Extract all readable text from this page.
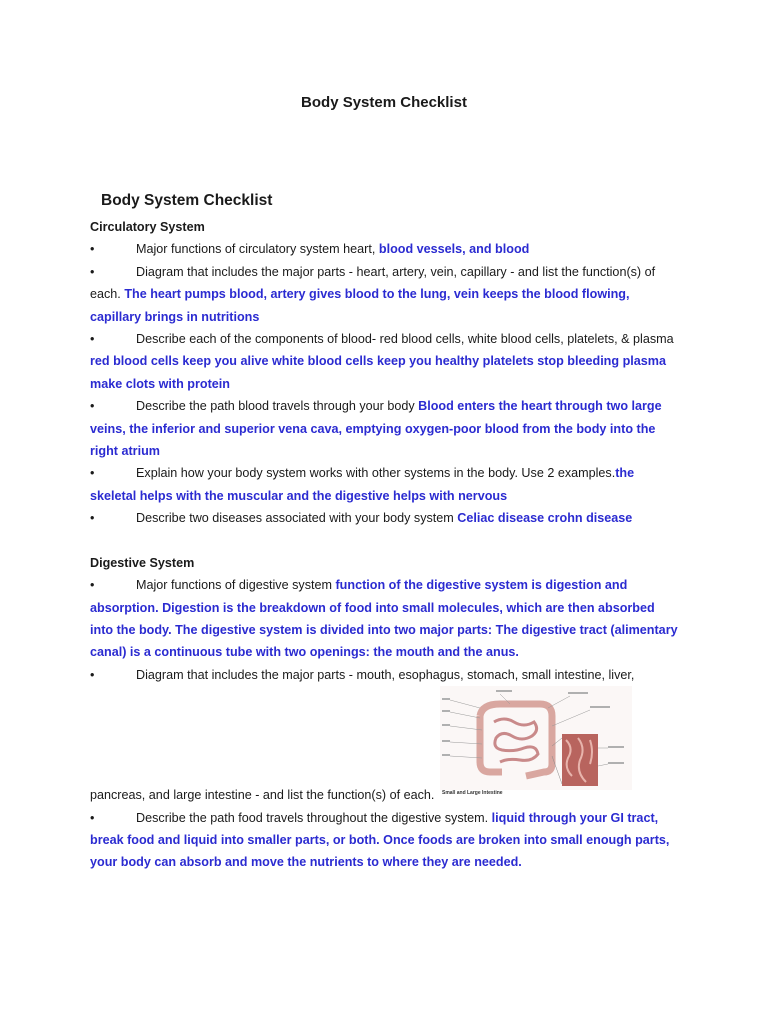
Body System Checklist
Body System Checklist
Circulatory System
•	Major functions of circulatory system heart, blood vessels, and blood
•	Diagram that includes the major parts - heart, artery, vein, capillary - and list the function(s) of each. The heart pumps blood, artery gives blood to the lung, vein keeps the blood flowing, capillary brings in nutritions
•	Describe each of the components of blood- red blood cells, white blood cells, platelets, & plasma red blood cells keep you alive white blood cells keep you healthy platelets stop bleeding plasma make clots with protein
•	Describe the path blood travels through your body Blood enters the heart through two large veins, the inferior and superior vena cava, emptying oxygen-poor blood from the body into the right atrium
•	Explain how your body system works with other systems in the body. Use 2 examples.the skeletal helps with the muscular and the digestive helps with nervous
•	Describe two diseases associated with your body system Celiac disease crohn disease
Digestive System
•	Major functions of digestive system function of the digestive system is digestion and absorption. Digestion is the breakdown of food into small molecules, which are then absorbed into the body. The digestive system is divided into two major parts: The digestive tract (alimentary canal) is a continuous tube with two openings: the mouth and the anus.
•	Diagram that includes the major parts - mouth, esophagus, stomach, small intestine, liver,
Small and Large Intestine
pancreas, and large intestine - and list the function(s) of each.
•	Describe the path food travels throughout the digestive system. liquid through your GI tract, break food and liquid into smaller parts, or both. Once foods are broken into small enough parts, your body can absorb and move the nutrients to where they are needed.
